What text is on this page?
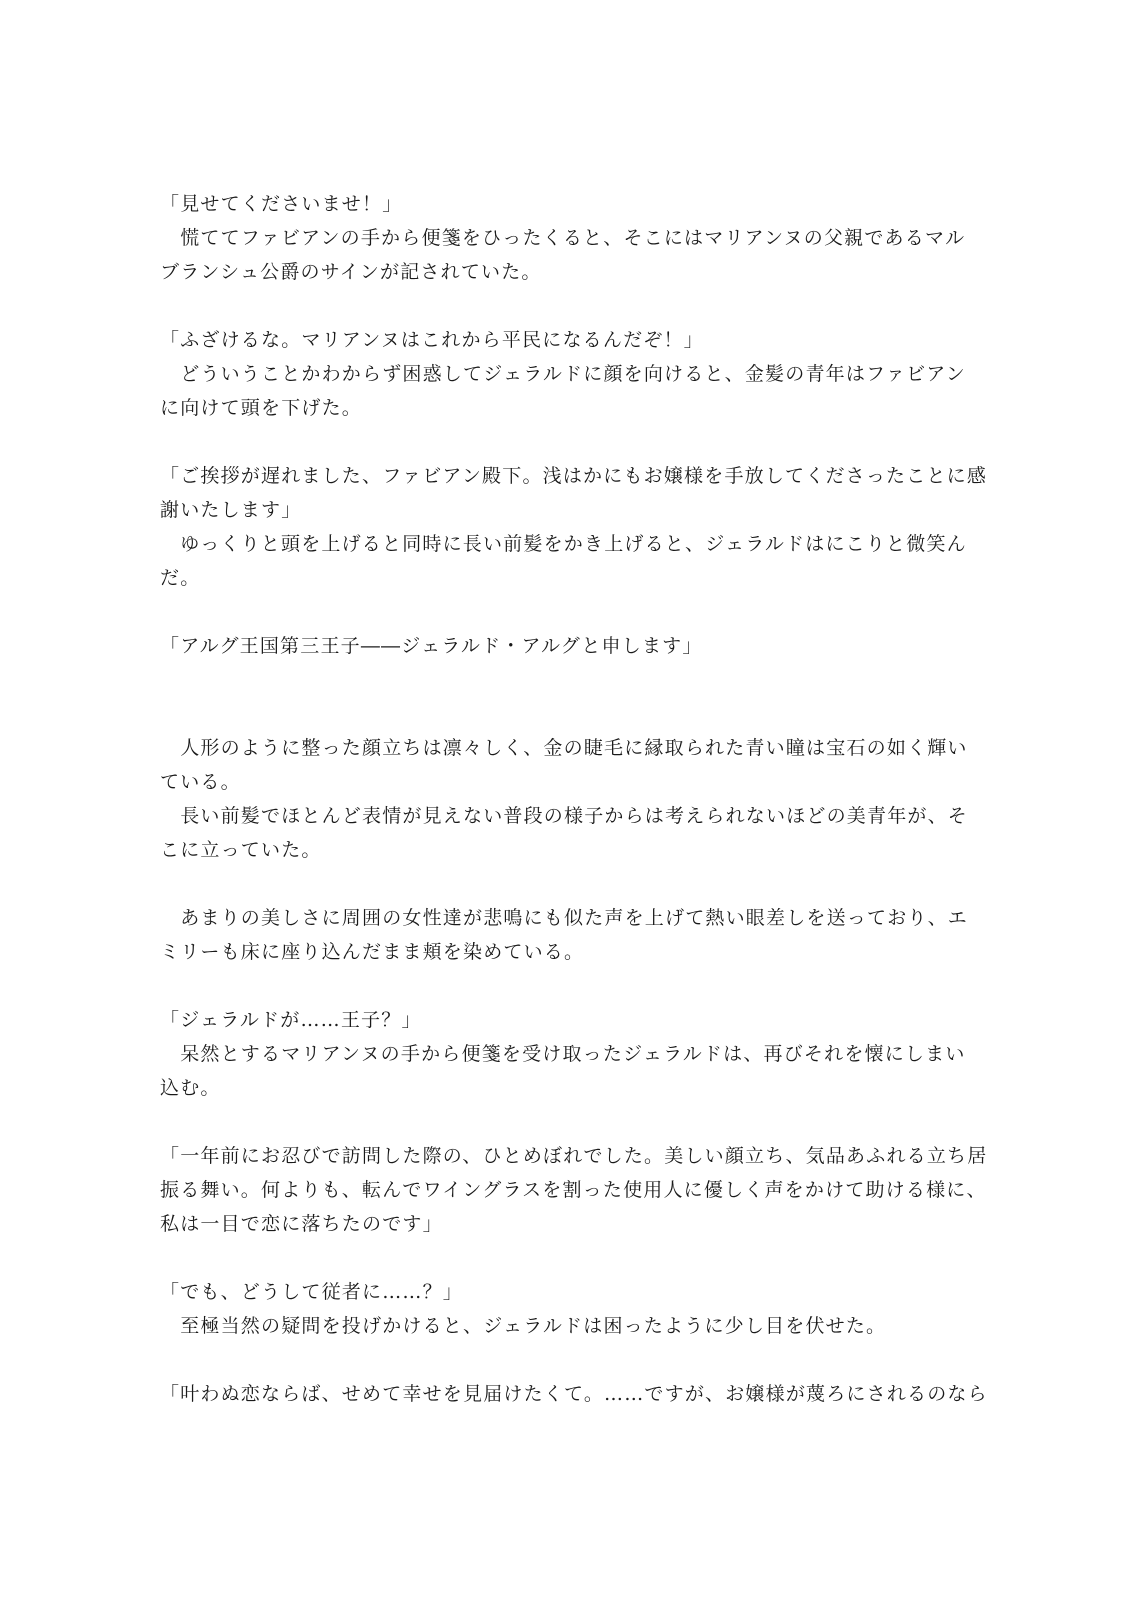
「見せてくださいませ！」
　慌ててファビアンの手から便箋をひったくると、そこにはマリアンヌの父親であるマル
ブランシュ公爵のサインが記されていた。
「ふざけるな。マリアンヌはこれから平民になるんだぞ！」
　どういうことかわからず困惑してジェラルドに顔を向けると、金髪の青年はファビアン
に向けて頭を下げた。
「ご挨拶が遅れました、ファビアン殿下。浅はかにもお嬢様を手放してくださったことに感
謝いたします」
　ゆっくりと頭を上げると同時に長い前髪をかき上げると、ジェラルドはにこりと微笑ん
だ。
「アルグ王国第三王子――ジェラルド・アルグと申します」
　人形のように整った顔立ちは凛々しく、金の睫毛に縁取られた青い瞳は宝石の如く輝い
ている。
　長い前髪でほとんど表情が見えない普段の様子からは考えられないほどの美青年が、そ
こに立っていた。
　あまりの美しさに周囲の女性達が悲鳴にも似た声を上げて熱い眼差しを送っており、エ
ミリーも床に座り込んだまま頬を染めている。
「ジェラルドが……王子？」
　呆然とするマリアンヌの手から便箋を受け取ったジェラルドは、再びそれを懐にしまい
込む。
「一年前にお忍びで訪問した際の、ひとめぼれでした。美しい顔立ち、気品あふれる立ち居
振る舞い。何よりも、転んでワイングラスを割った使用人に優しく声をかけて助ける様に、
私は一目で恋に落ちたのです」
「でも、どうして従者に……？」
　至極当然の疑問を投げかけると、ジェラルドは困ったように少し目を伏せた。
「叶わぬ恋ならば、せめて幸せを見届けたくて。……ですが、お嬢様が蔑ろにされるのなら
